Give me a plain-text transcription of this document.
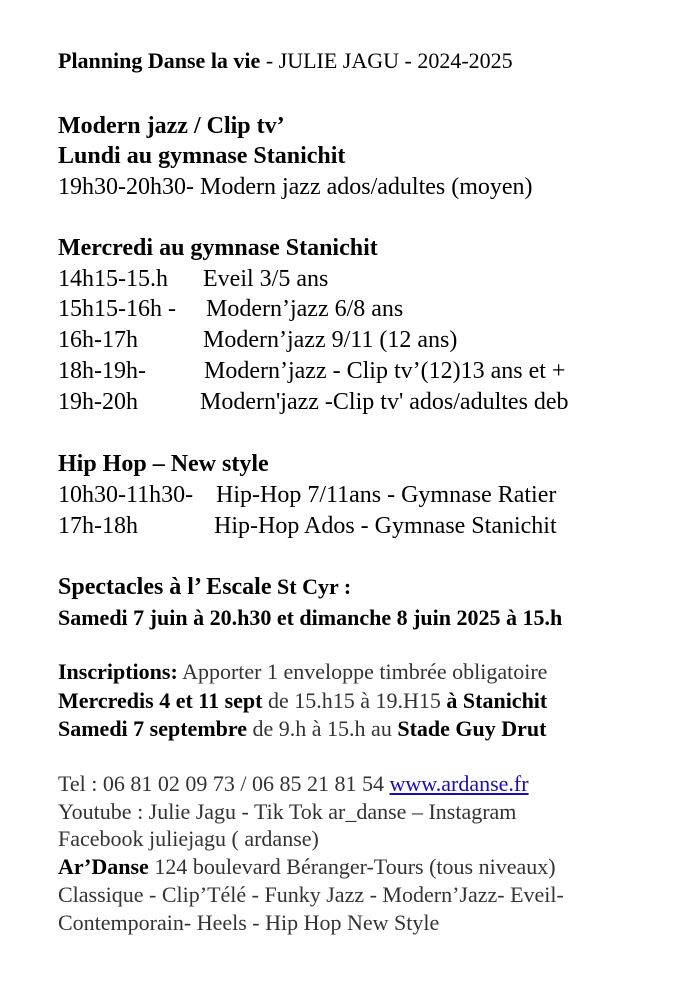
Planning Danse la vie - JULIE JAGU - 2024-2025
Modern jazz / Clip tv’
Lundi au gymnase Stanichit
19h30-20h30- Modern jazz ados/adultes (moyen)
Mercredi au gymnase Stanichit
14h15-15.h Eveil 3/5 ans
15h15-16h - Modern’jazz 6/8 ans
16h-17h	Modern’jazz 9/11 (12 ans)
18h-19h- Modern’jazz - Clip tv’(12)13 ans et +
19h-20h	Modern'jazz -Clip tv' ados/adultes deb
Hip Hop – New style
10h30-11h30- Hip-Hop 7/11ans - Gymnase Ratier
17h-18h	Hip-Hop Ados - Gymnase Stanichit
Spectacles à l’ Escale St Cyr :
Samedi 7 juin à 20.h30 et dimanche 8 juin 2025 à 15.h
Inscriptions: Apporter 1 enveloppe timbrée obligatoire
Mercredis 4 et 11 sept de 15.h15 à 19.H15 à Stanichit
Samedi 7 septembre de 9.h à 15.h au Stade Guy Drut
Tel : 06 81 02 09 73 / 06 85 21 81 54 www.ardanse.fr
Youtube : Julie Jagu - Tik Tok ar_danse – Instagram
Facebook juliejagu ( ardanse)
Ar’Danse 124 boulevard Béranger-Tours (tous niveaux)
Classique - Clip’Télé - Funky Jazz - Modern’Jazz- Eveil-
Contemporain- Heels - Hip Hop New Style
